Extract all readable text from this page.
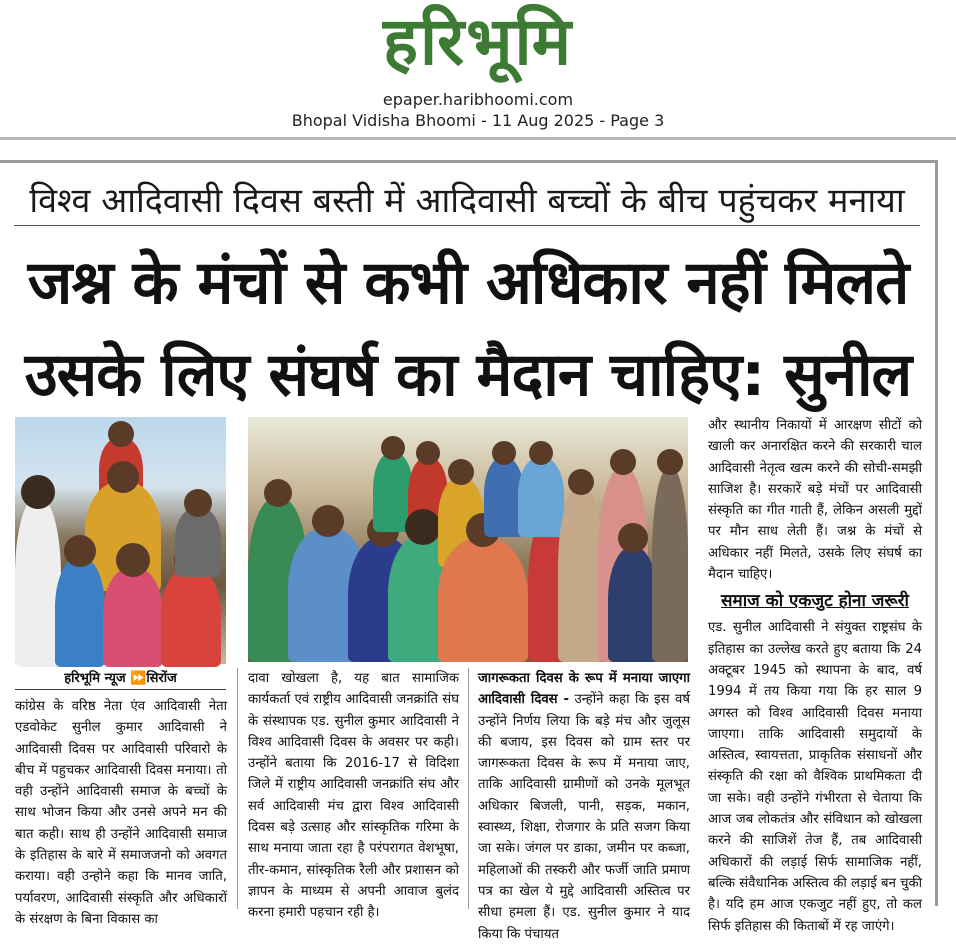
हरिभूमि
epaper.haribhoomi.com
Bhopal Vidisha Bhoomi - 11 Aug 2025 - Page 3
विश्व आदिवासी दिवस बस्ती में आदिवासी बच्चों के बीच पहुंचकर मनाया
जश्न के मंचों से कभी अधिकार नहीं मिलते
उसके लिए संघर्ष का मैदान चाहिए: सुनील
हरिभूमि न्यूज ⏩सिरोंज
कांग्रेस के वरिष्ठ नेता एंव आदिवासी नेता एडवोकेट सुनील कुमार आदिवासी ने आदिवासी दिवस पर आदिवासी परिवारो के बीच में पहुचकर आदिवासी दिवस मनाया। तो वही उन्होंने आदिवासी समाज के बच्चों के साथ भोजन किया और उनसे अपने मन की बात कही। साथ ही उन्होंने आदिवासी समाज के इतिहास के बारे में समाजजनो को अवगत कराया। वही उन्होने कहा कि मानव जाति, पर्यावरण, आदिवासी संस्कृति और अधिकारों के संरक्षण के बिना विकास का
दावा खोखला है, यह बात सामाजिक कार्यकर्ता एवं राष्ट्रीय आदिवासी जनक्रांति संघ के संस्थापक एड. सुनील कुमार आदिवासी ने विश्व आदिवासी दिवस के अवसर पर कही। उन्होंने बताया कि 2016-17 से विदिशा जिले में राष्ट्रीय आदिवासी जनक्रांति संघ और सर्व आदिवासी मंच द्वारा विश्व आदिवासी दिवस बड़े उत्साह और सांस्कृतिक गरिमा के साथ मनाया जाता रहा है परंपरागत वेशभूषा, तीर-कमान, सांस्कृतिक रैली और प्रशासन को ज्ञापन के माध्यम से अपनी आवाज बुलंद करना हमारी पहचान रही है।
जागरूकता दिवस के रूप में मनाया जाएगा आदिवासी दिवस - उन्होंने कहा कि इस वर्ष उन्होंने निर्णय लिया कि बड़े मंच और जुलूस की बजाय, इस दिवस को ग्राम स्तर पर जागरूकता दिवस के रूप में मनाया जाए, ताकि आदिवासी ग्रामीणों को उनके मूलभूत अधिकार बिजली, पानी, सड़क, मकान, स्वास्थ्य, शिक्षा, रोजगार के प्रति सजग किया जा सके। जंगल पर डाका, जमीन पर कब्जा, महिलाओं की तस्करी और फर्जी जाति प्रमाण पत्र का खेल ये मुद्दे आदिवासी अस्तित्व पर सीधा हमला हैं। एड. सुनील कुमार ने याद किया कि पंचायत
और स्थानीय निकायों में आरक्षण सीटों को खाली कर अनारक्षित करने की सरकारी चाल आदिवासी नेतृत्व खत्म करने की सोची-समझी साजिश है। सरकारें बड़े मंचों पर आदिवासी संस्कृति का गीत गाती हैं, लेकिन असली मुद्दों पर मौन साध लेती हैं। जश्न के मंचों से अधिकार नहीं मिलते, उसके लिए संघर्ष का मैदान चाहिए।
समाज को एकजुट होना जरूरी
एड. सुनील आदिवासी ने संयुक्त राष्ट्रसंघ के इतिहास का उल्लेख करते हुए बताया कि 24 अक्टूबर 1945 को स्थापना के बाद, वर्ष 1994 में तय किया गया कि हर साल 9 अगस्त को विश्व आदिवासी दिवस मनाया जाएगा। ताकि आदिवासी समुदायों के अस्तित्व, स्वायत्तता, प्राकृतिक संसाधनों और संस्कृति की रक्षा को वैश्विक प्राथमिकता दी जा सके। वही उन्होंने गंभीरता से चेताया कि आज जब लोकतंत्र और संविधान को खोखला करने की साजिशें तेज हैं, तब आदिवासी अधिकारों की लड़ाई सिर्फ सामाजिक नहीं, बल्कि संवैधानिक अस्तित्व की लड़ाई बन चुकी है। यदि हम आज एकजुट नहीं हुए, तो कल सिर्फ इतिहास की किताबों में रह जाएंगे।
